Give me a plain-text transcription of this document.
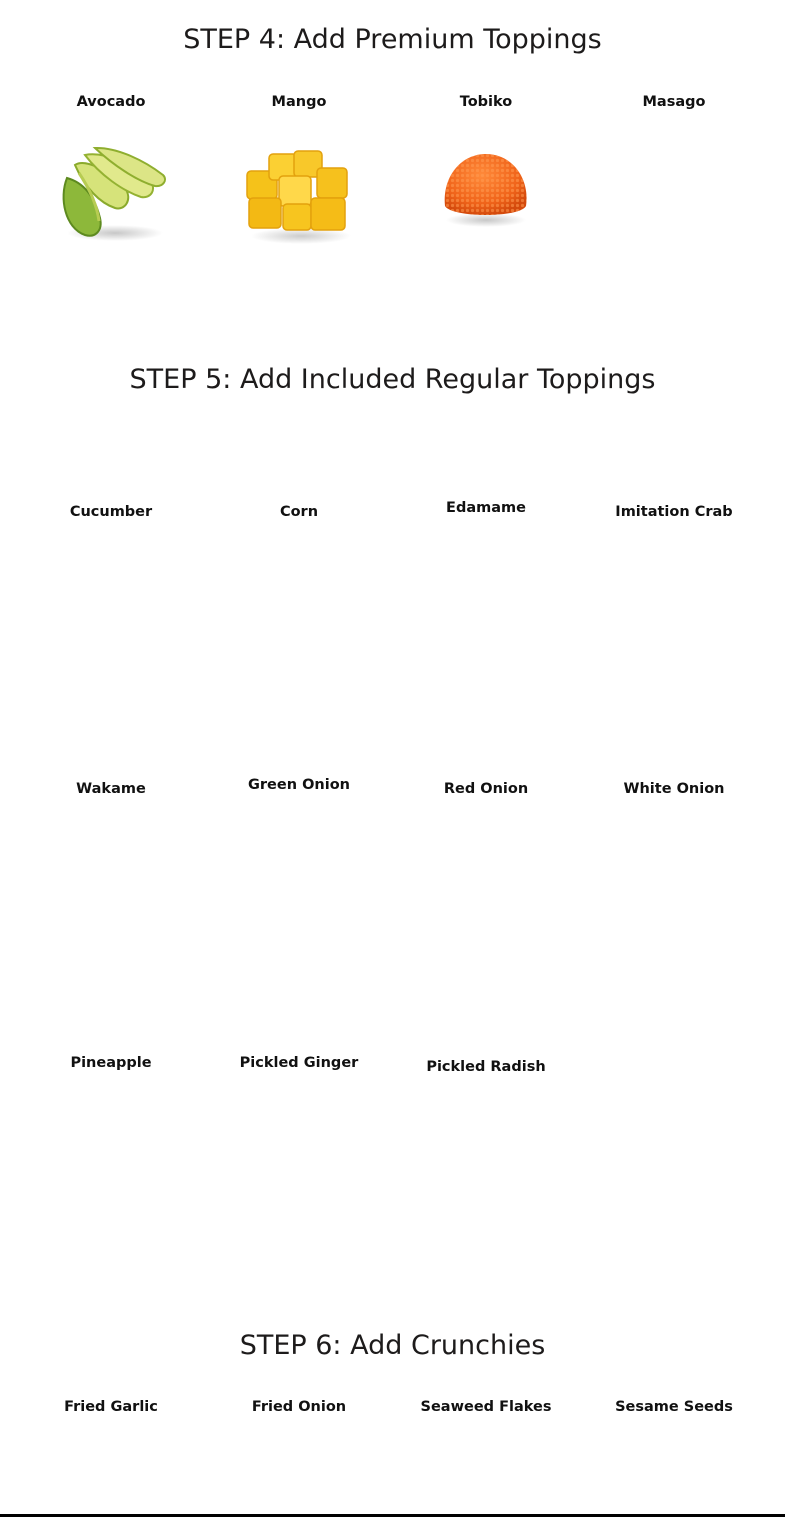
STEP 4: Add Premium Toppings
Avocado	Mango	Tobiko	Masago
STEP 5: Add Included Regular Toppings
Cucumber	Corn	Edamame	Imitation Crab
Wakame	Green Onion	Red Onion	White Onion
Pineapple	Pickled Ginger	Pickled Radish
STEP 6: Add Crunchies
Fried Garlic	Fried Onion	Seaweed Flakes	Sesame Seeds
